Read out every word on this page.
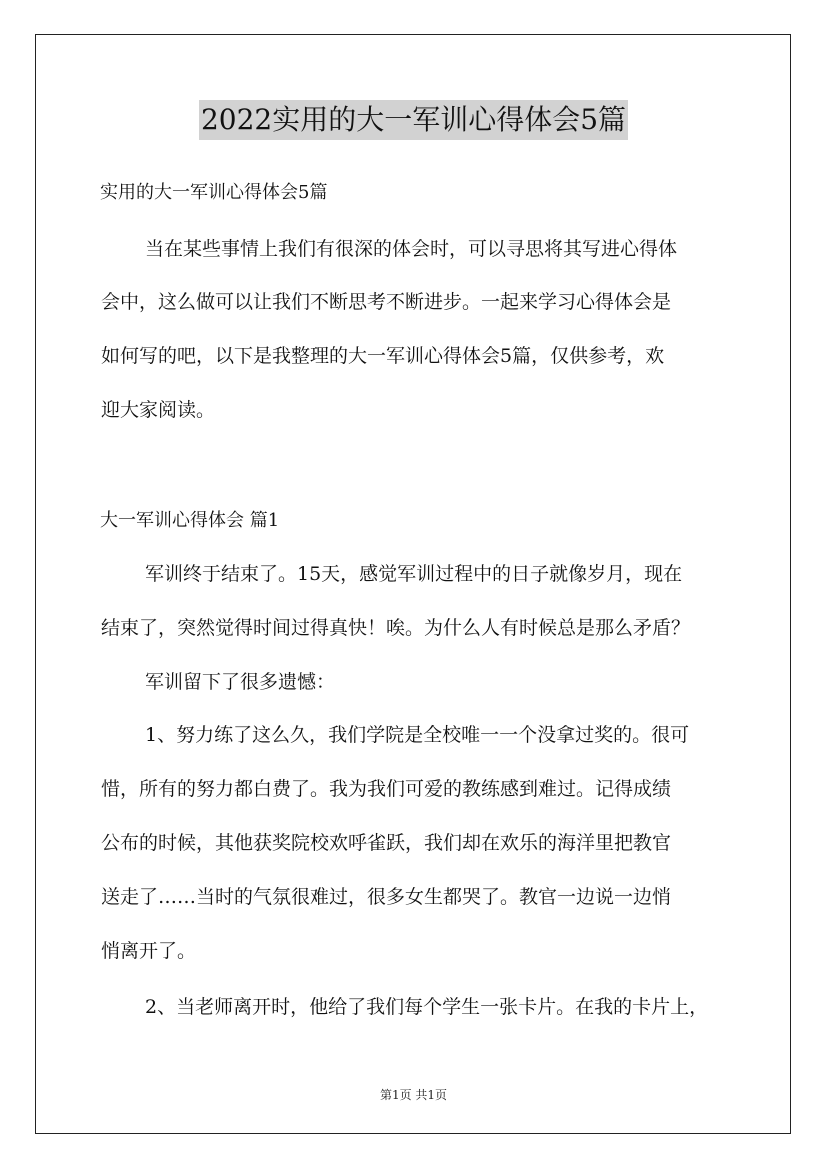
2022实用的大一军训心得体会5篇
实用的大一军训心得体会5篇
当在某些事情上我们有很深的体会时，可以寻思将其写进心得体
会中，这么做可以让我们不断思考不断进步。一起来学习心得体会是
如何写的吧，以下是我整理的大一军训心得体会5篇，仅供参考，欢
迎大家阅读。
大一军训心得体会 篇1
军训终于结束了。15天，感觉军训过程中的日子就像岁月，现在
结束了，突然觉得时间过得真快！唉。为什么人有时候总是那么矛盾？
军训留下了很多遗憾：
1、努力练了这么久，我们学院是全校唯一一个没拿过奖的。很可
惜，所有的努力都白费了。我为我们可爱的教练感到难过。记得成绩
公布的时候，其他获奖院校欢呼雀跃，我们却在欢乐的海洋里把教官
送走了……当时的气氛很难过，很多女生都哭了。教官一边说一边悄
悄离开了。
2、当老师离开时，他给了我们每个学生一张卡片。在我的卡片上，
第1页 共1页
